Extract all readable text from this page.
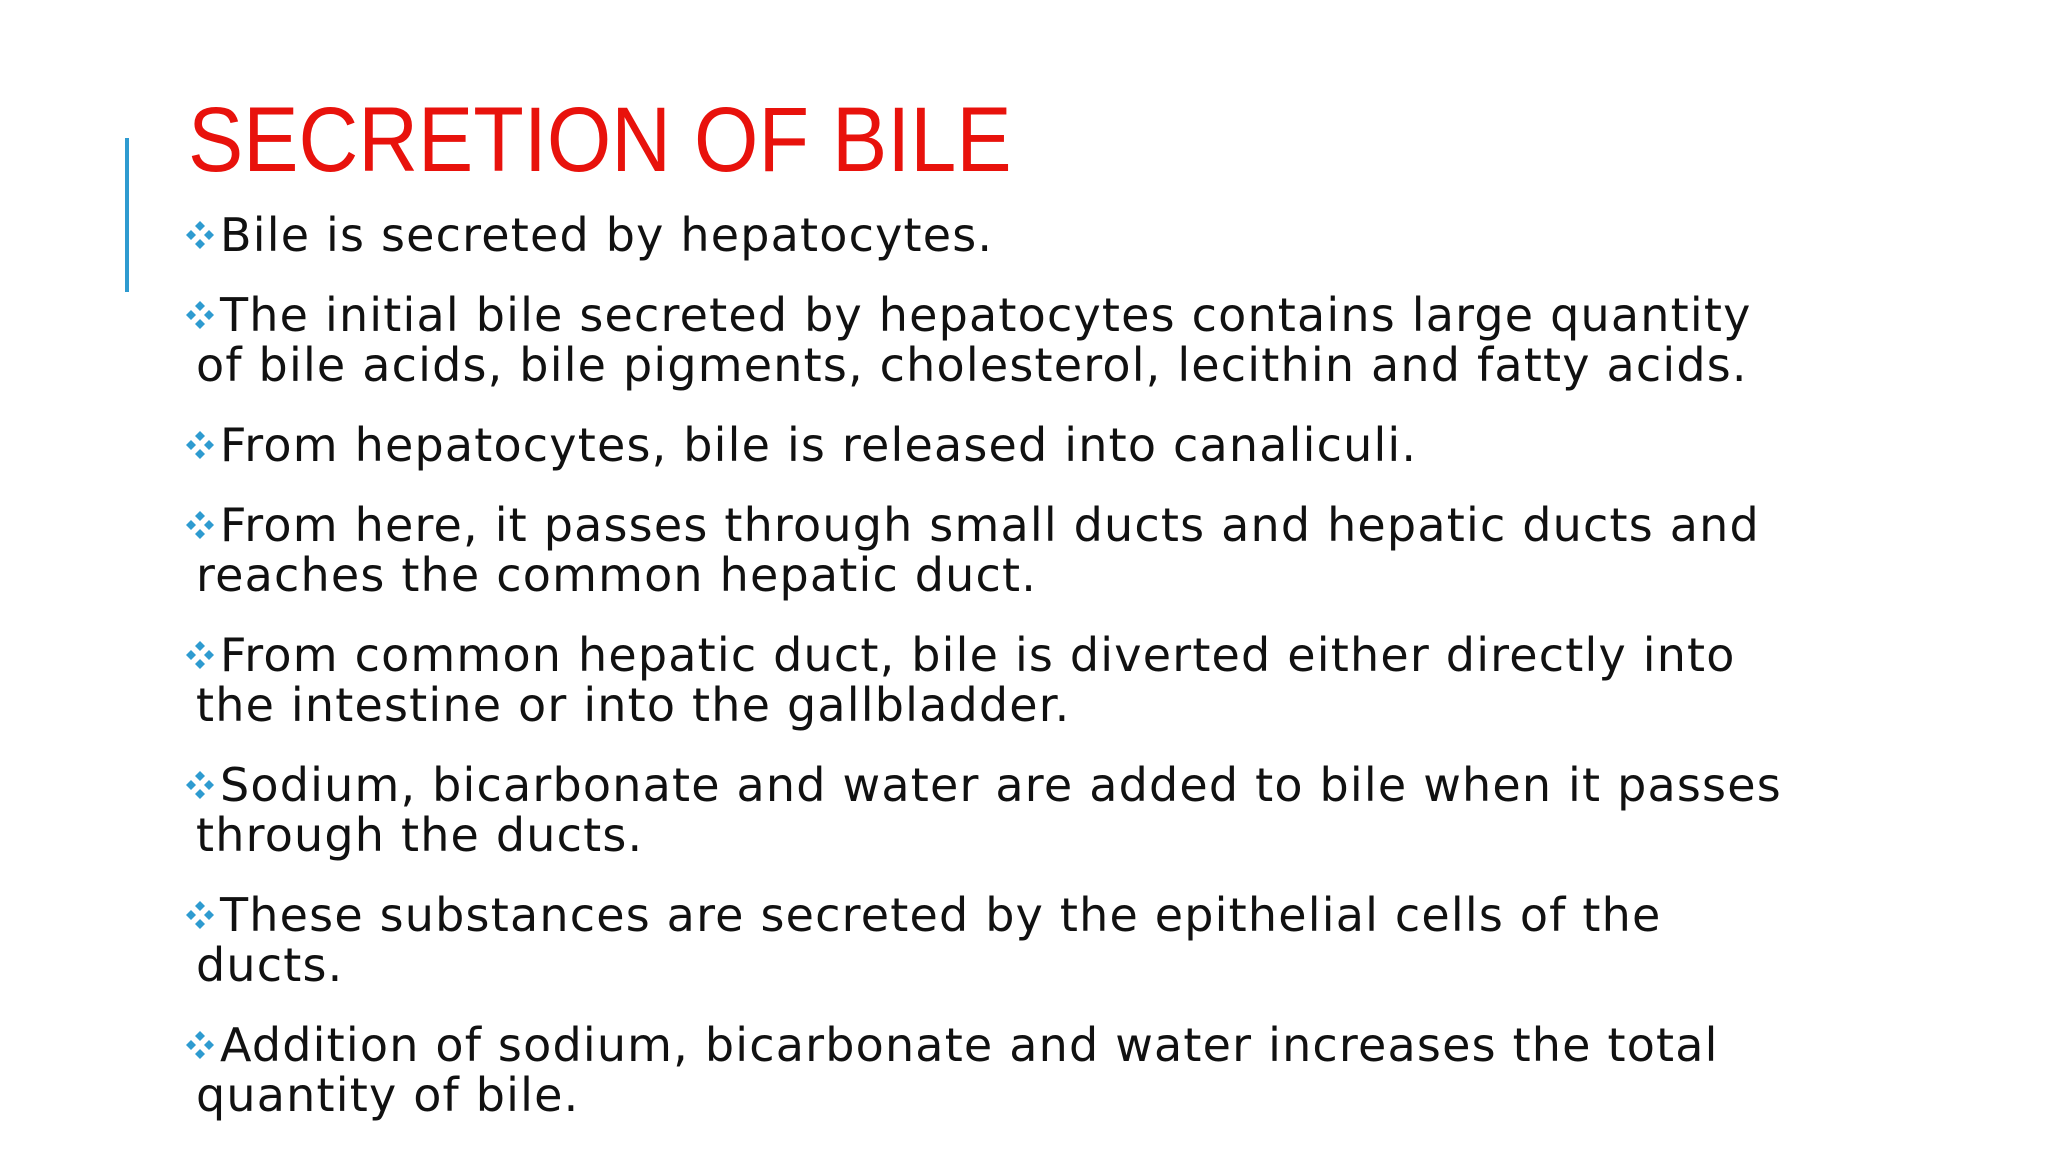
SECRETION OF BILE
Bile is secreted by hepatocytes.
The initial bile secreted by hepatocytes contains large quantity of bile acids, bile pigments, cholesterol, lecithin and fatty acids.
From hepatocytes, bile is released into canaliculi.
From here, it passes through small ducts and hepatic ducts and reaches the common hepatic duct.
From common hepatic duct, bile is diverted either directly into the intestine or into the gallbladder.
Sodium, bicarbonate and water are added to bile when it passes through the ducts.
These substances are secreted by the epithelial cells of the ducts.
Addition of sodium, bicarbonate and water increases the total quantity of bile.
